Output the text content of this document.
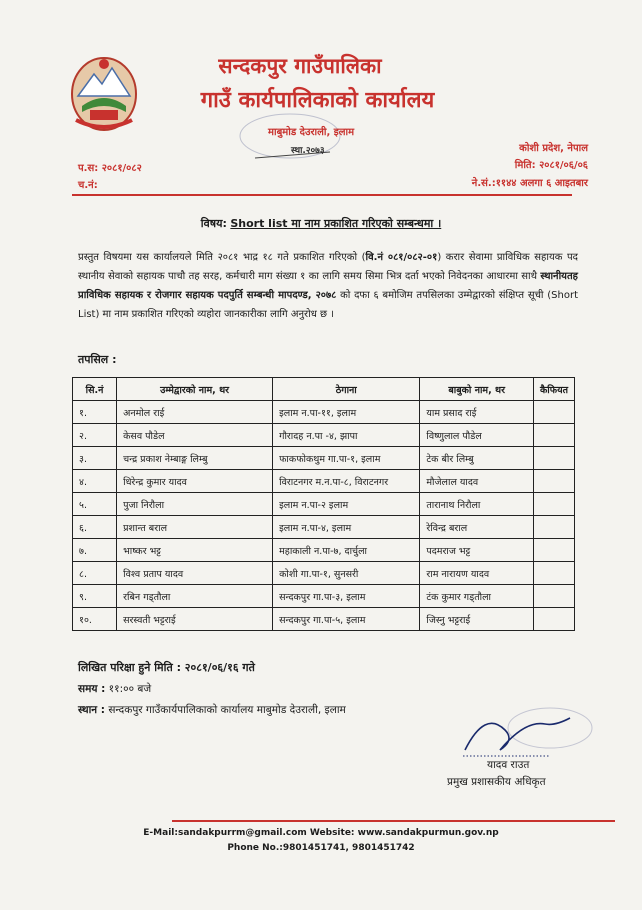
सन्दकपुर गाउँपालिका
गाउँ कार्यपालिकाको कार्यालय
माबुमोड देउराली, इलाम
स्था.२०७३	कोशी प्रदेश, नेपाल
मिति: २०८१/०६/०६
ने.सं.:११४४ अलगा ६ आइतबार
प.स: २०८१/०८२
च.नं:
विषय: Short list मा नाम प्रकाशित गरिएको सम्बन्धमा ।
प्रस्तुत विषयमा यस कार्यालयले मिति २०८१ भाद्र १८ गते प्रकाशित गरिएको (वि.नं ०८१/०८२-०१) करार सेवामा प्राविधिक सहायक पद स्थानीय सेवाको सहायक पाचौ तह सरह, कर्मचारी माग संख्या १ का लागि समय सिमा भित्र दर्ता भएको निवेदनका आधारमा साथै स्थानीयतह प्राविधिक सहायक र रोजगार सहायक पदपुर्ति सम्बन्धी मापदण्ड, २०७८ को दफा ६ बमोजिम तपसिलका उम्मेद्वारको संक्षिप्त सूची (Short List) मा नाम प्रकाशित गरिएको व्यहोरा जानकारीका लागि अनुरोध छ ।
तपसिल :
सि.नं	उम्मेद्वारको नाम, थर	ठेगाना	बाबुको नाम, थर	कैफियत
१.	अनमोल राई	इलाम न.पा-११, इलाम	याम प्रसाद राई	
२.	केसव पौडेल	गौरादह न.पा -४, झापा	विष्णुलाल पौडेल	
३.	चन्द्र प्रकाश नेम्बाङ्ग लिम्बु	फाकफोकथुम गा.पा-१, इलाम	टेक बीर लिम्बु	
४.	धिरेन्द्र कुमार यादव	विराटनगर म.न.पा-८, विराटनगर	मौजेलाल यादव	
५.	पुजा निरौला	इलाम न.पा-२ इलाम	तारानाथ निरौला	
६.	प्रशान्त बराल	इलाम न.पा-४, इलाम	रेविन्द्र बराल	
७.	भाष्कर भट्ट	महाकाली न.पा-७, दार्चुला	पदमराज भट्ट	
८.	विश्व प्रताप यादव	कोशी गा.पा-१, सुनसरी	राम नारायण यादव	
९.	रबिन गड्तौला	सन्दकपुर गा.पा-३, इलाम	टंक कुमार गड्तौला	
१०.	सरस्वती भट्टराई	सन्दकपुर गा.पा-५, इलाम	जिस्नु भट्टराई	
लिखित परिक्षा हुने मिति : २०८१/०६/१६ गते
समय : ११:०० बजे
स्थान : सन्दकपुर गाउँकार्यपालिकाको कार्यालय माबुमोड देउराली, इलाम
यादव राउत
प्रमुख प्रशासकीय अधिकृत
E-Mail:sandakpurrm@gmail.com Website: www.sandakpurmun.gov.np
Phone No.:9801451741, 9801451742
